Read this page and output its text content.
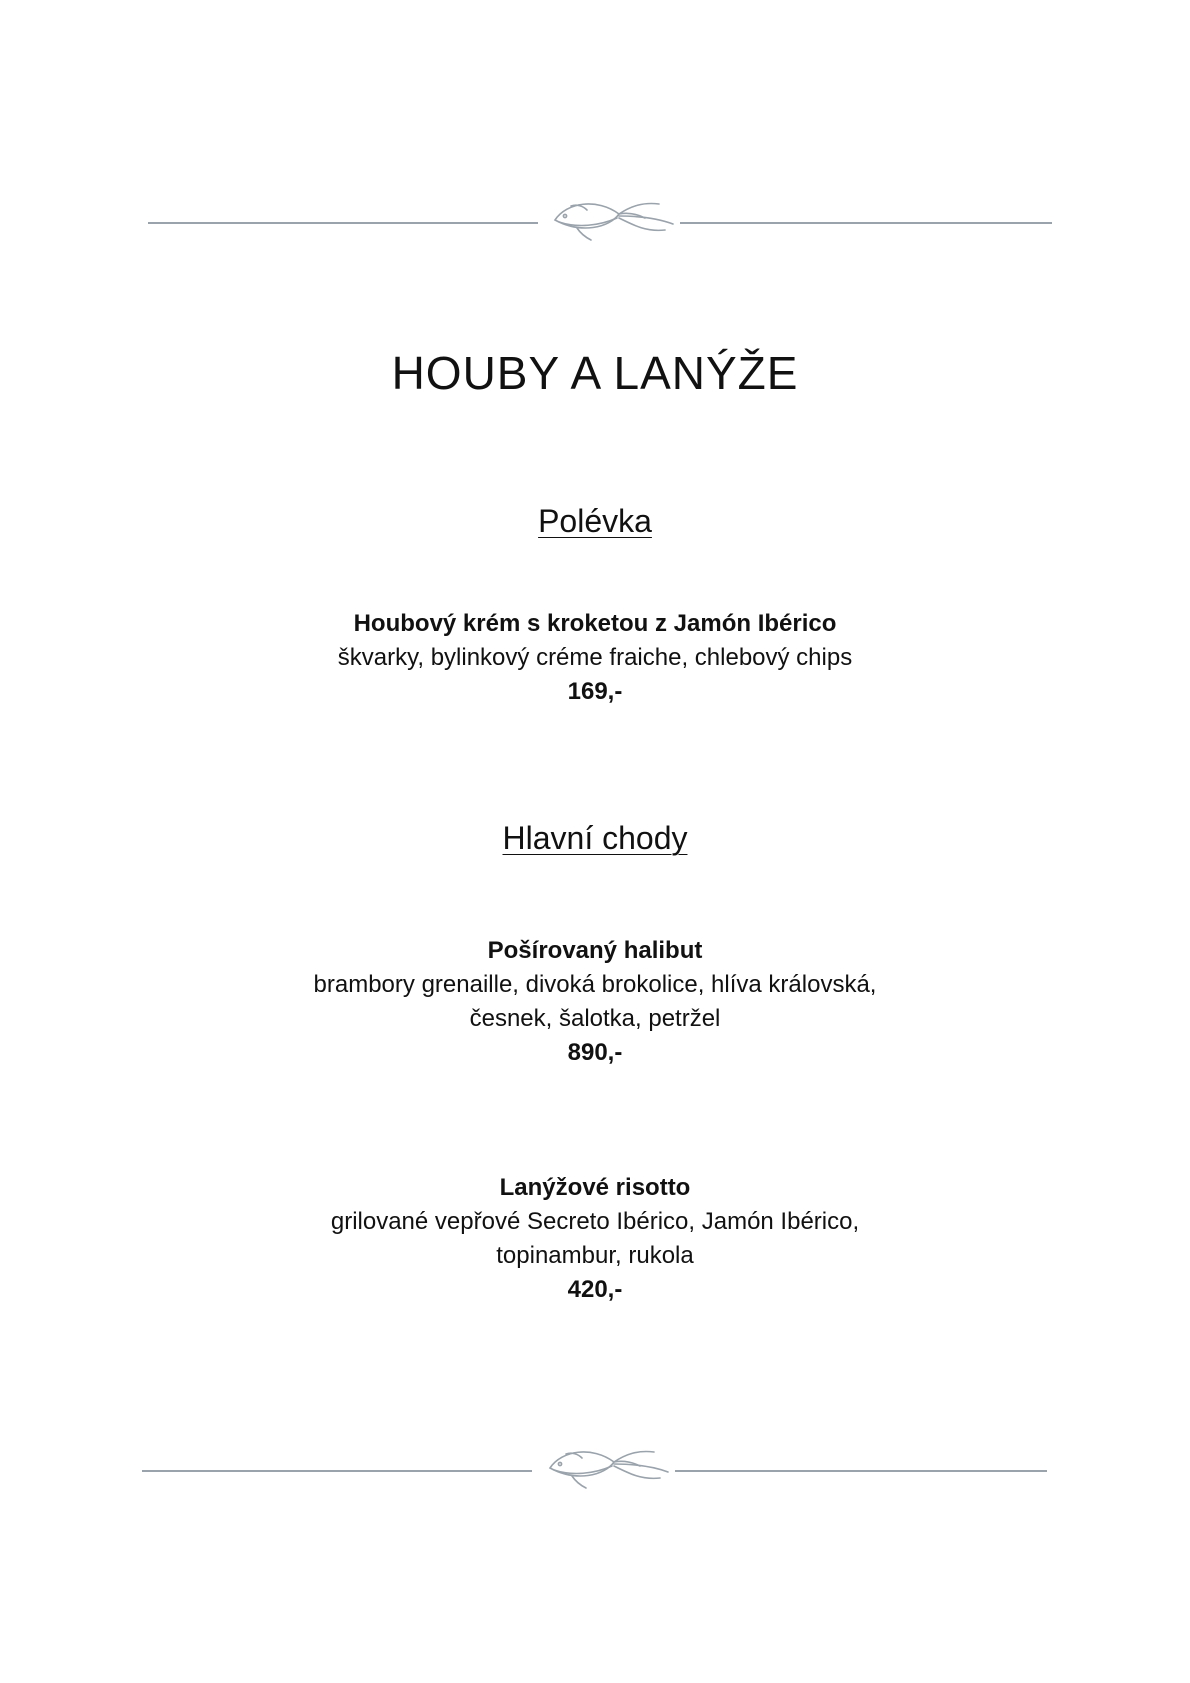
HOUBY A LANÝŽE
Polévka
Houbový krém s kroketou z Jamón Ibérico
škvarky, bylinkový créme fraiche, chlebový chips
169,-
Hlavní chody
Pošírovaný halibut
brambory grenaille, divoká brokolice, hlíva královská,
česnek, šalotka, petržel
890,-
Lanýžové risotto
grilované vepřové Secreto Ibérico, Jamón Ibérico,
topinambur, rukola
420,-
